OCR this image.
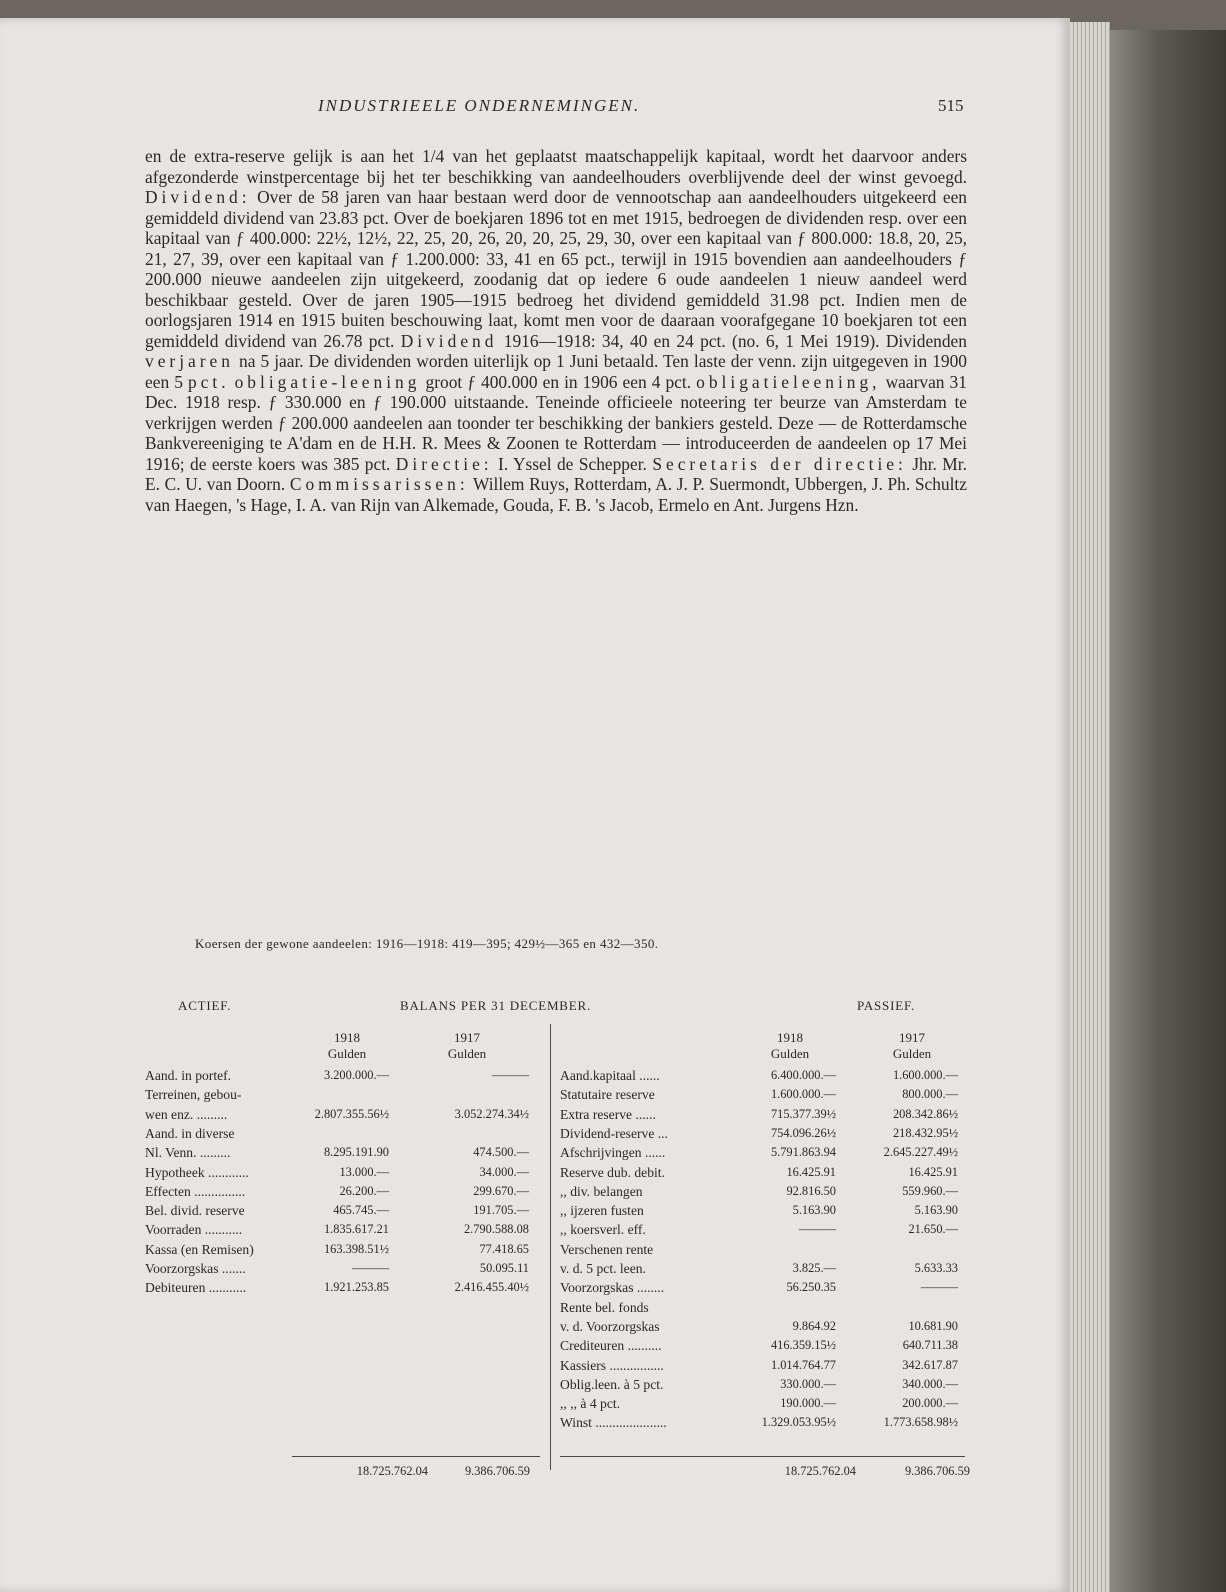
INDUSTRIEELE ONDERNEMINGEN.	515

en de extra-reserve gelijk is aan het 1/4 van het geplaatst maatschappelijk kapitaal, wordt het daarvoor anders afgezonderde winstpercentage bij het ter beschikking van aandeelhouders overblijvende deel der winst gevoegd. Dividend: Over de 58 jaren van haar bestaan werd door de vennootschap aan aandeelhouders uitgekeerd een gemiddeld dividend van 23.83 pct. Over de boekjaren 1896 tot en met 1915, bedroegen de dividenden resp. over een kapitaal van ƒ 400.000: 22½, 12½, 22, 25, 20, 26, 20, 20, 25, 29, 30, over een kapitaal van ƒ 800.000: 18.8, 20, 25, 21, 27, 39, over een kapitaal van ƒ 1.200.000: 33, 41 en 65 pct., terwijl in 1915 bovendien aan aandeelhouders ƒ 200.000 nieuwe aandeelen zijn uitgekeerd, zoodanig dat op iedere 6 oude aandeelen 1 nieuw aandeel werd beschikbaar gesteld. Over de jaren 1905—1915 bedroeg het dividend gemiddeld 31.98 pct. Indien men de oorlogsjaren 1914 en 1915 buiten beschouwing laat, komt men voor de daaraan voorafgegane 10 boekjaren tot een gemiddeld dividend van 26.78 pct. Dividend 1916—1918: 34, 40 en 24 pct. (no. 6, 1 Mei 1919). Dividenden verjaren na 5 jaar. De dividenden worden uiterlijk op 1 Juni betaald. Ten laste der venn. zijn uitgegeven in 1900 een 5 pct. obligatie-leening groot ƒ 400.000 en in 1906 een 4 pct. obligatieleening, waarvan 31 Dec. 1918 resp. ƒ 330.000 en ƒ 190.000 uitstaande. Teneinde officieele noteering ter beurze van Amsterdam te verkrijgen werden ƒ 200.000 aandeelen aan toonder ter beschikking der bankiers gesteld. Deze — de Rotterdamsche Bankvereeniging te A'dam en de H.H. R. Mees & Zoonen te Rotterdam — introduceerden de aandeelen op 17 Mei 1916; de eerste koers was 385 pct. Directie: I. Yssel de Schepper. Secretaris der directie: Jhr. Mr. E. C. U. van Doorn. Commissarissen: Willem Ruys, Rotterdam, A. J. P. Suermondt, Ubbergen, J. Ph. Schultz van Haegen, 's Hage, I. A. van Rijn van Alkemade, Gouda, F. B. 's Jacob, Ermelo en Ant. Jurgens Hzn.

Koersen der gewone aandeelen: 1916—1918: 419—395; 429½—365 en 432—350.
ACTIEF.	BALANS PER 31 DECEMBER.	PASSIEF.
1918
Gulden
1917
Gulden
Aand. in portef.	3.200.000.—	———
Terreinen, gebou-
wen enz. .........	2.807.355.56½	3.052.274.34½
Aand. in diverse
Nl. Venn. .........	8.295.191.90	474.500.—
Hypotheek ............	13.000.—	34.000.—
Effecten ...............	26.200.—	299.670.—
Bel. divid. reserve	465.745.—	191.705.—
Voorraden ...........	1.835.617.21	2.790.588.08
Kassa (en Remisen)	163.398.51½	77.418.65
Voorzorgskas .......	———	50.095.11
Debiteuren ...........	1.921.253.85	2.416.455.40½
1918
Gulden
1917
Gulden
Aand.kapitaal ......	6.400.000.—	1.600.000.—
Statutaire reserve	1.600.000.—	800.000.—
Extra reserve ......	715.377.39½	208.342.86½
Dividend-reserve ...	754.096.26½	218.432.95½
Afschrijvingen ......	5.791.863.94	2.645.227.49½
Reserve dub. debit.	16.425.91	16.425.91
,, div. belangen	92.816.50	559.960.—
,, ijzeren fusten	5.163.90	5.163.90
,, koersverl. eff.	———	21.650.—
Verschenen rente
v. d. 5 pct. leen.	3.825.—	5.633.33
Voorzorgskas ........	56.250.35	———
Rente bel. fonds
v. d. Voorzorgskas	9.864.92	10.681.90
Crediteuren ..........	416.359.15½	640.711.38
Kassiers ................	1.014.764.77	342.617.87
Oblig.leen. à 5 pct.	330.000.—	340.000.—
,, ,, à 4 pct.	190.000.—	200.000.—
Winst .....................	1.329.053.95½	1.773.658.98½
18.725.762.04	9.386.706.59	18.725.762.04	9.386.706.59
